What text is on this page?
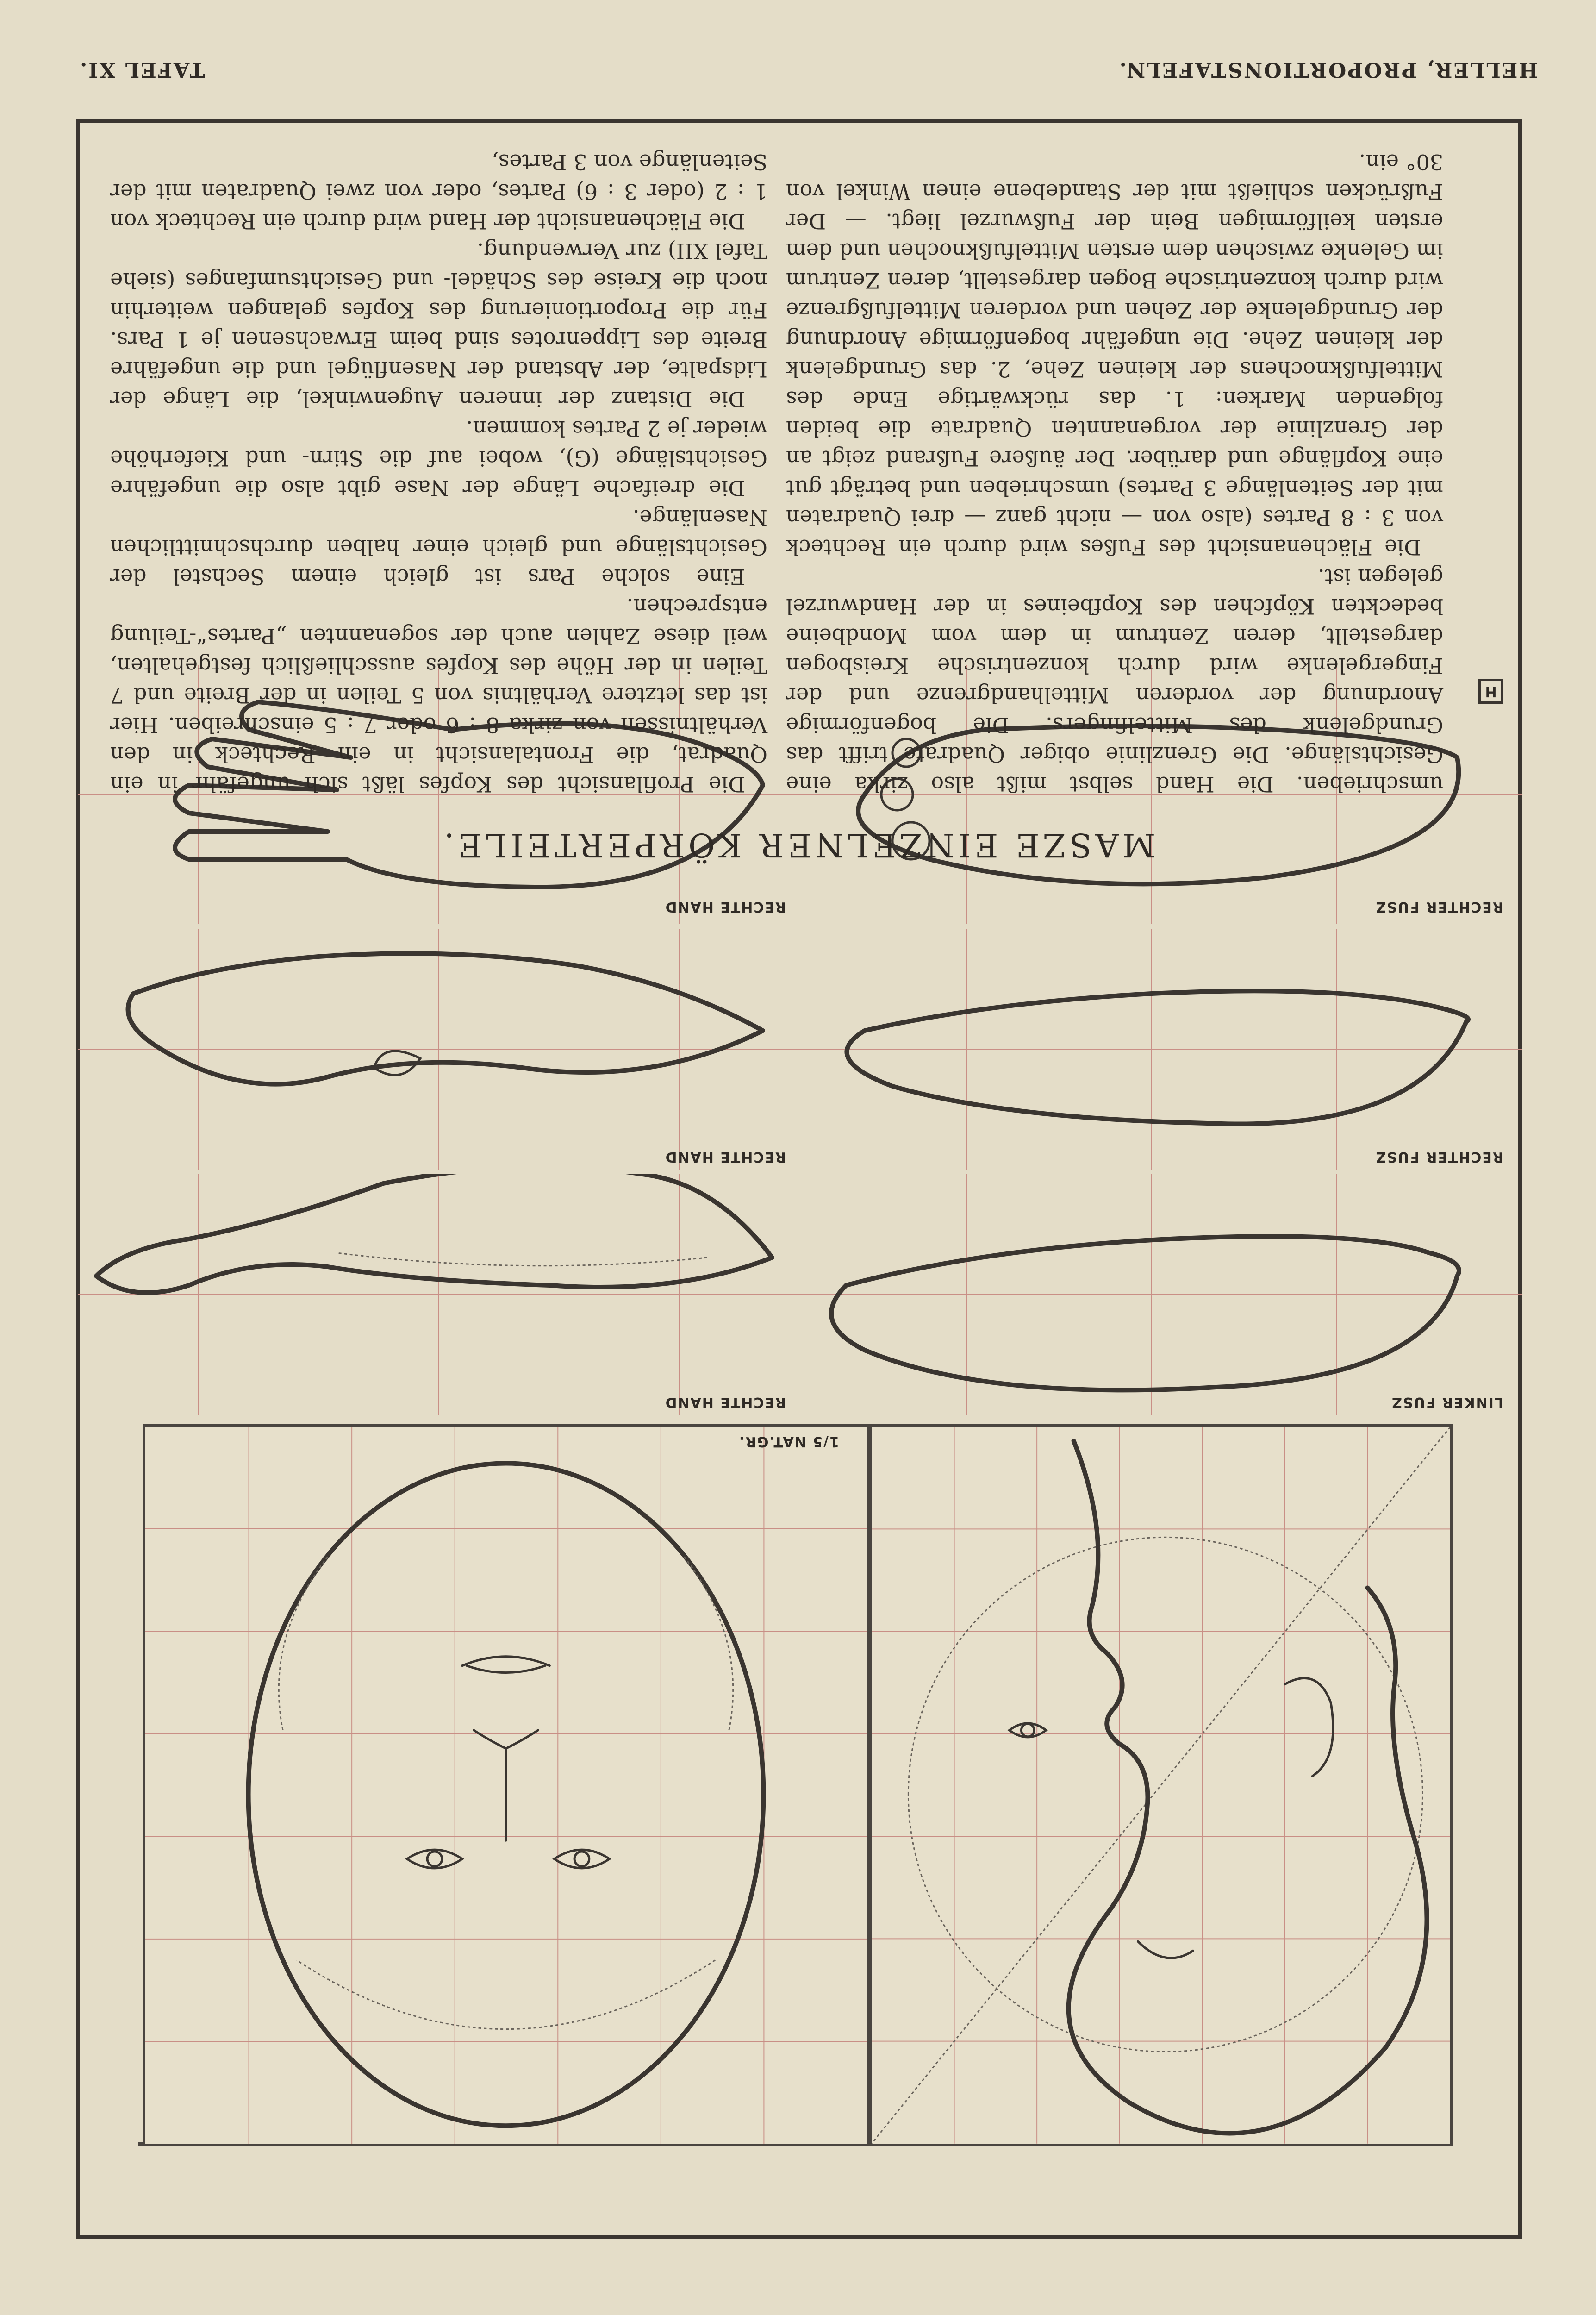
HELLER, PROPORTIONSTAFELN.
TAFEL XI.
1/5 NAT.GR.
RECHTE HAND
RECHTE HAND
RECHTE HAND
LINKER FUSZ
RECHTER FUSZ
RECHTER FUSZ
H
MASZE EINZELNER KÖRPERTEILE.

Die Profilansicht des Kopfes läßt sich ungefähr in ein Quadrat, die Frontalansicht in ein Rechteck in den Verhältnissen von zirka 8 : 6 oder 7 : 5 einschreiben. Hier ist das letztere Verhältnis von 5 Teilen in der Breite und 7 Teilen in der Höhe des Kopfes ausschließlich festgehalten, weil diese Zahlen auch der sogenannten „Partes“-Teilung entsprechen.

Eine solche Pars ist gleich einem Sechstel der Gesichtslänge und gleich einer halben durchschnittlichen Nasenlänge.

Die dreifache Länge der Nase gibt also die ungefähre Gesichtslänge (G), wobei auf die Stirn- und Kieferhöhe wieder je 2 Partes kommen.

Die Distanz der inneren Augenwinkel, die Länge der Lidspalte, der Abstand der Nasenflügel und die ungefähre Breite des Lippenrotes sind beim Erwachsenen je 1 Pars. Für die Proportionierung des Kopfes gelangen weiterhin noch die Kreise des Schädel- und Gesichtsumfanges (siehe Tafel XII) zur Verwendung.

Die Flächenansicht der Hand wird durch ein Rechteck von 1 : 2 (oder 3 : 6) Partes, oder von zwei Quadraten mit der Seitenlänge von 3 Partes,

umschrieben. Die Hand selbst mißt also zirka eine Gesichtslänge. Die Grenzlinie obiger Quadrate trifft das Grundgelenk des Mittelfingers. Die bogenförmige Anordnung der vorderen Mittelhandgrenze und der Fingergelenke wird durch konzentrische Kreisbogen dargestellt, deren Zentrum in dem vom Mondbeine bedeckten Köpfchen des Kopfbeines in der Handwurzel gelegen ist.

Die Flächenansicht des Fußes wird durch ein Rechteck von 3 : 8 Partes (also von — nicht ganz — drei Quadraten mit der Seitenlänge 3 Partes) umschrieben und beträgt gut eine Kopflänge und darüber. Der äußere Fußrand zeigt an der Grenzlinie der vorgenannten Quadrate die beiden folgenden Marken: 1. das rückwärtige Ende des Mittelfußknochens der kleinen Zehe, 2. das Grundgelenk der kleinen Zehe. Die ungefähr bogenförmige Anordnung der Grundgelenke der Zehen und vorderen Mittelfußgrenze wird durch konzentrische Bogen dargestellt, deren Zentrum im Gelenke zwischen dem ersten Mittelfußknochen und dem ersten keilförmigen Bein der Fußwurzel liegt. — Der Fußrücken schließt mit der Standebene einen Winkel von 30° ein.
